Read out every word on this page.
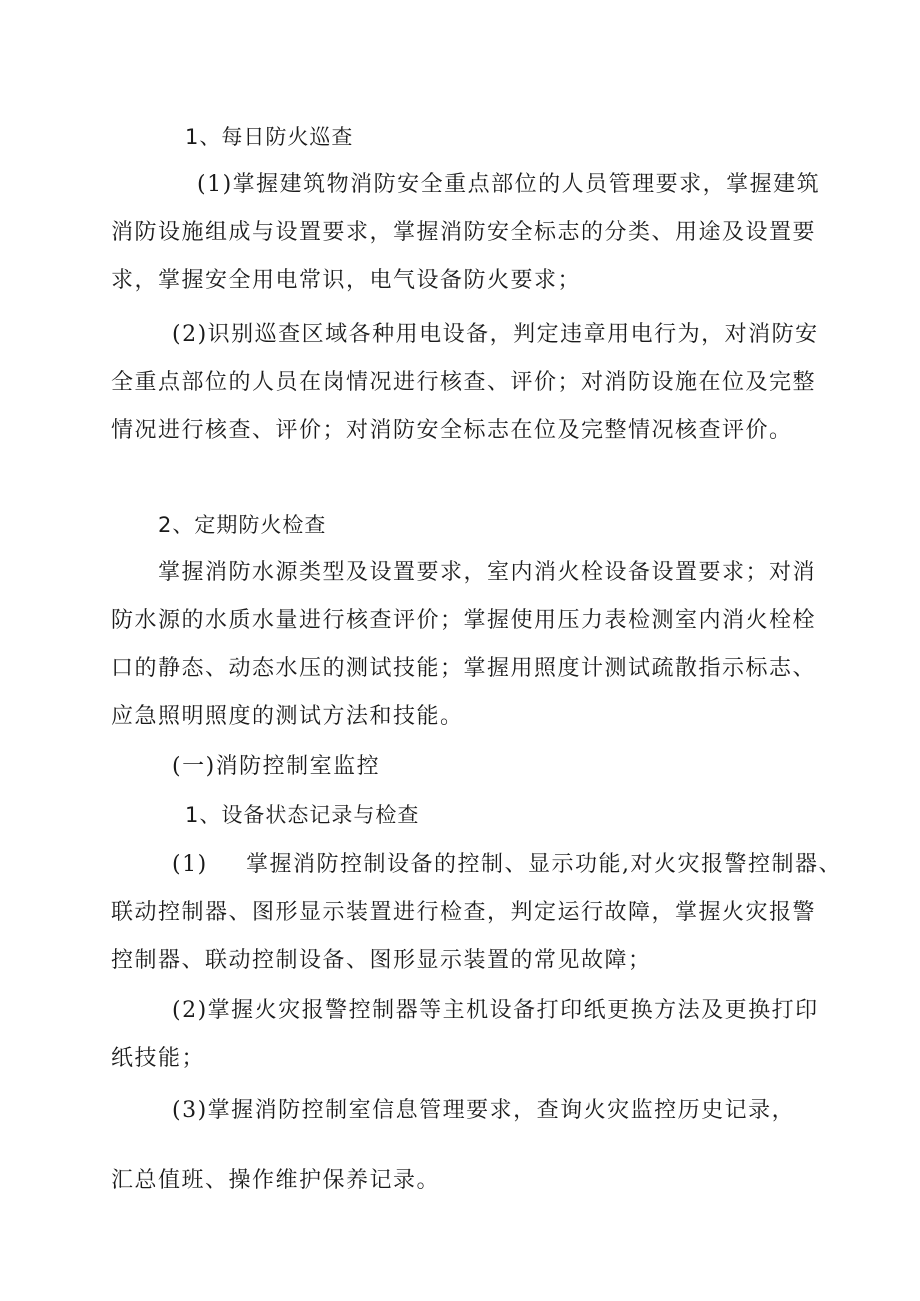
1、每日防火巡查
(1)掌握建筑物消防安全重点部位的人员管理要求，掌握建筑
消防设施组成与设置要求，掌握消防安全标志的分类、用途及设置要
求，掌握安全用电常识，电气设备防火要求；
(2)识别巡查区域各种用电设备，判定违章用电行为，对消防安
全重点部位的人员在岗情况进行核查、评价；对消防设施在位及完整
情况进行核查、评价；对消防安全标志在位及完整情况核查评价。
2、定期防火检查
掌握消防水源类型及设置要求，室内消火栓设备设置要求；对消
防水源的水质水量进行核查评价；掌握使用压力表检测室内消火栓栓
口的静态、动态水压的测试技能；掌握用照度计测试疏散指示标志、
应急照明照度的测试方法和技能。
(一)消防控制室监控
1、设备状态记录与检查
(1) 掌握消防控制设备的控制、显示功能,对火灾报警控制器、
联动控制器、图形显示装置进行检查，判定运行故障，掌握火灾报警
控制器、联动控制设备、图形显示装置的常见故障；
(2)掌握火灾报警控制器等主机设备打印纸更换方法及更换打印
纸技能；
(3)掌握消防控制室信息管理要求，查询火灾监控历史记录，
汇总值班、操作维护保养记录。
